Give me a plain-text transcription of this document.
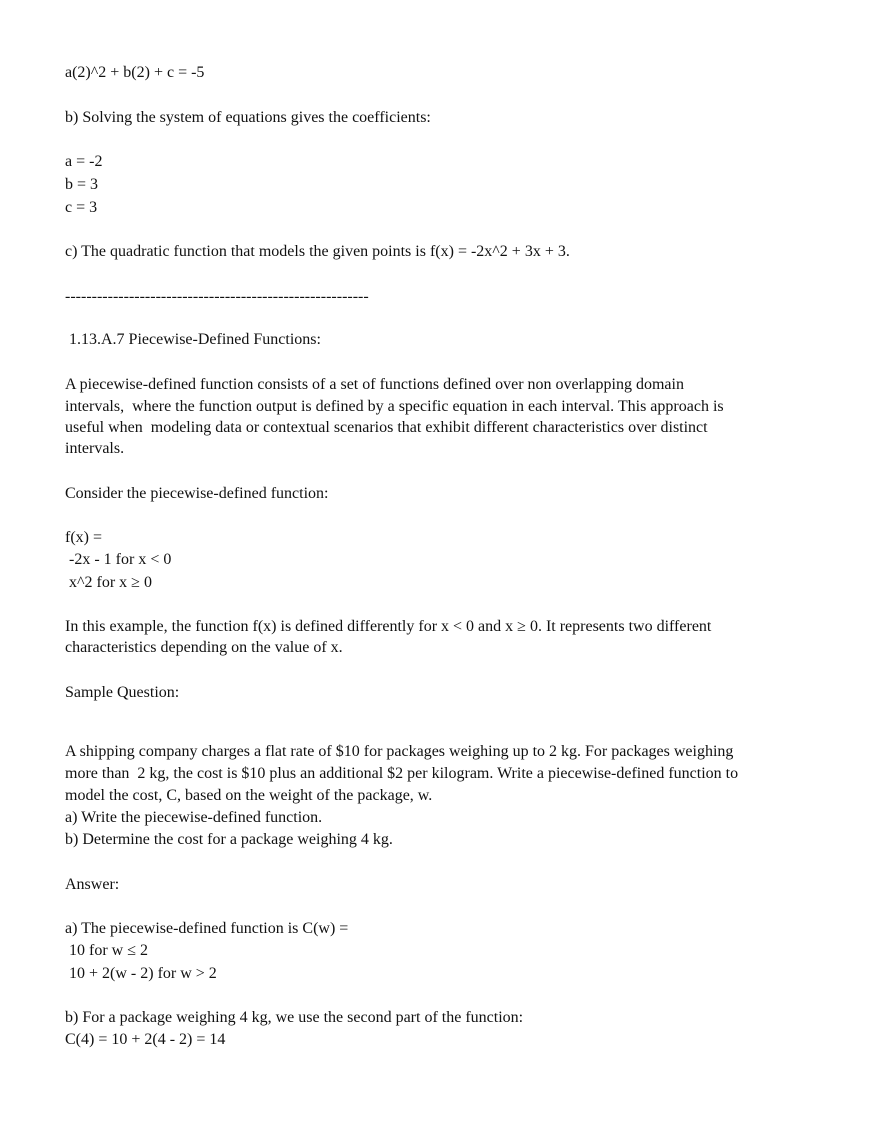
a(2)^2 + b(2) + c = -5

b) Solving the system of equations gives the coefficients:

a = -2

b = 3

c = 3

c) The quadratic function that models the given points is f(x) = -2x^2 + 3x + 3.

---------------------------------------------------------

1.13.A.7 Piecewise-Defined Functions:

A piecewise-defined function consists of a set of functions defined over non overlapping domain

intervals,  where the function output is defined by a specific equation in each interval. This approach is

useful when  modeling data or contextual scenarios that exhibit different characteristics over distinct

intervals.

Consider the piecewise-defined function:

f(x) =

-2x - 1 for x < 0

x^2 for x ≥ 0

In this example, the function f(x) is defined differently for x < 0 and x ≥ 0. It represents two different

characteristics depending on the value of x.

Sample Question:

A shipping company charges a flat rate of $10 for packages weighing up to 2 kg. For packages weighing

more than  2 kg, the cost is $10 plus an additional $2 per kilogram. Write a piecewise-defined function to

model the cost, C, based on the weight of the package, w.

a) Write the piecewise-defined function.

b) Determine the cost for a package weighing 4 kg.

Answer:

a) The piecewise-defined function is C(w) =

10 for w ≤ 2

10 + 2(w - 2) for w > 2

b) For a package weighing 4 kg, we use the second part of the function:

C(4) = 10 + 2(4 - 2) = 14
